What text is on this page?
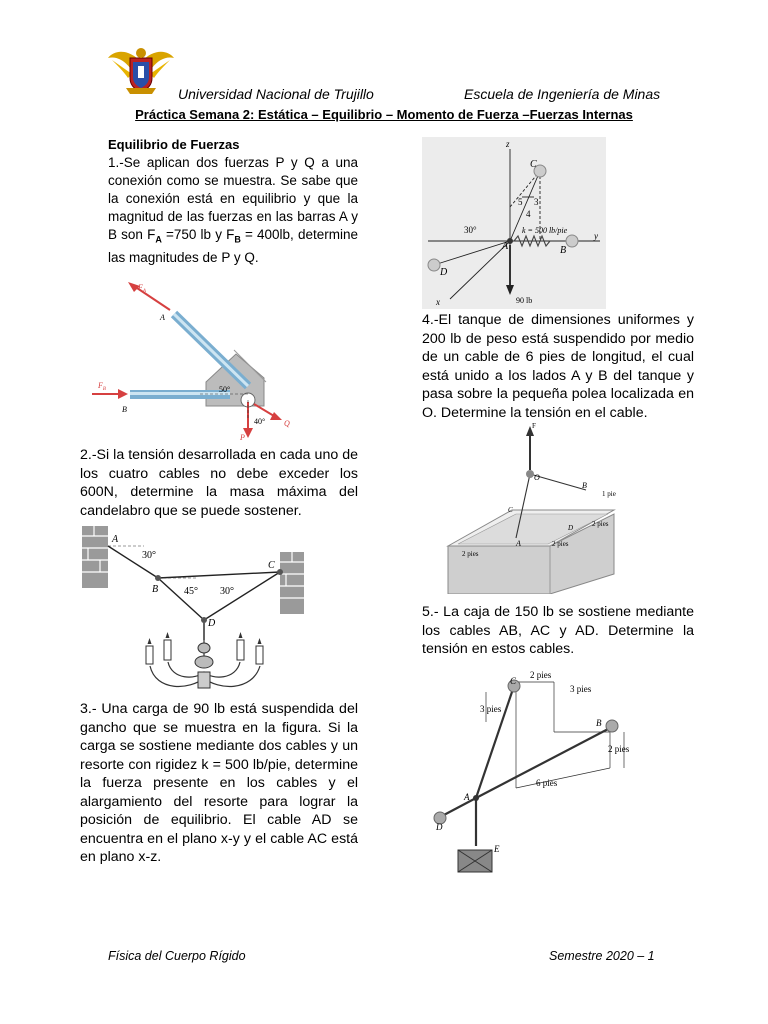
Universidad Nacional de Trujillo	Escuela de Ingeniería de Minas
Práctica Semana 2: Estática – Equilibrio – Momento de Fuerza –Fuerzas Internas
Equilibrio de Fuerzas
1.-Se aplican dos fuerzas P y Q a una conexión como se muestra. Se sabe que la conexión está en equilibrio y que la magnitud de las fuerzas en las barras A y B son $F_A =750$ lb y $F_B = 400lb$, determine las magnitudes de P y Q.
$F_A$
A
$F_B$
B
50°
40°
P
Q
2.-Si la tensión desarrollada en cada uno de los cuatro cables no debe exceder los 600N, determine la masa máxima del candelabro que se puede sostener.
A
30°
B	45° 30°
C
D
3.- Una carga de 90 lb está suspendida del gancho que se muestra en la figura. Si la carga se sostiene mediante dos cables y un resorte con rigidez k = 500 lb/pie, determine la fuerza presente en los cables y el alargamiento del resorte para lograr la posición de equilibrio. El cable AD se encuentra en el plano x-y y el cable AC está en plano x-z.
z
y
x
C
A	B
D
5 3
4
30°	k = 500 lb/pie
90 lb
4.-El tanque de dimensiones uniformes y 200 lb de peso está suspendido por medio de un cable de 6 pies de longitud, el cual está unido a los lados A y B del tanque y pasa sobre la pequeña polea localizada en O. Determine la tensión en el cable.
F
O
B
C
D
A
1 pie
2 pies
2 pies
2 pies
5.- La caja de 150 lb se sostiene mediante los cables AB, AC y AD. Determine la tensión en estos cables.
C
B
A
D
E
2 pies
3 pies
3 pies
2 pies
6 pies
Física del Cuerpo Rígido	Semestre 2020 – 1
